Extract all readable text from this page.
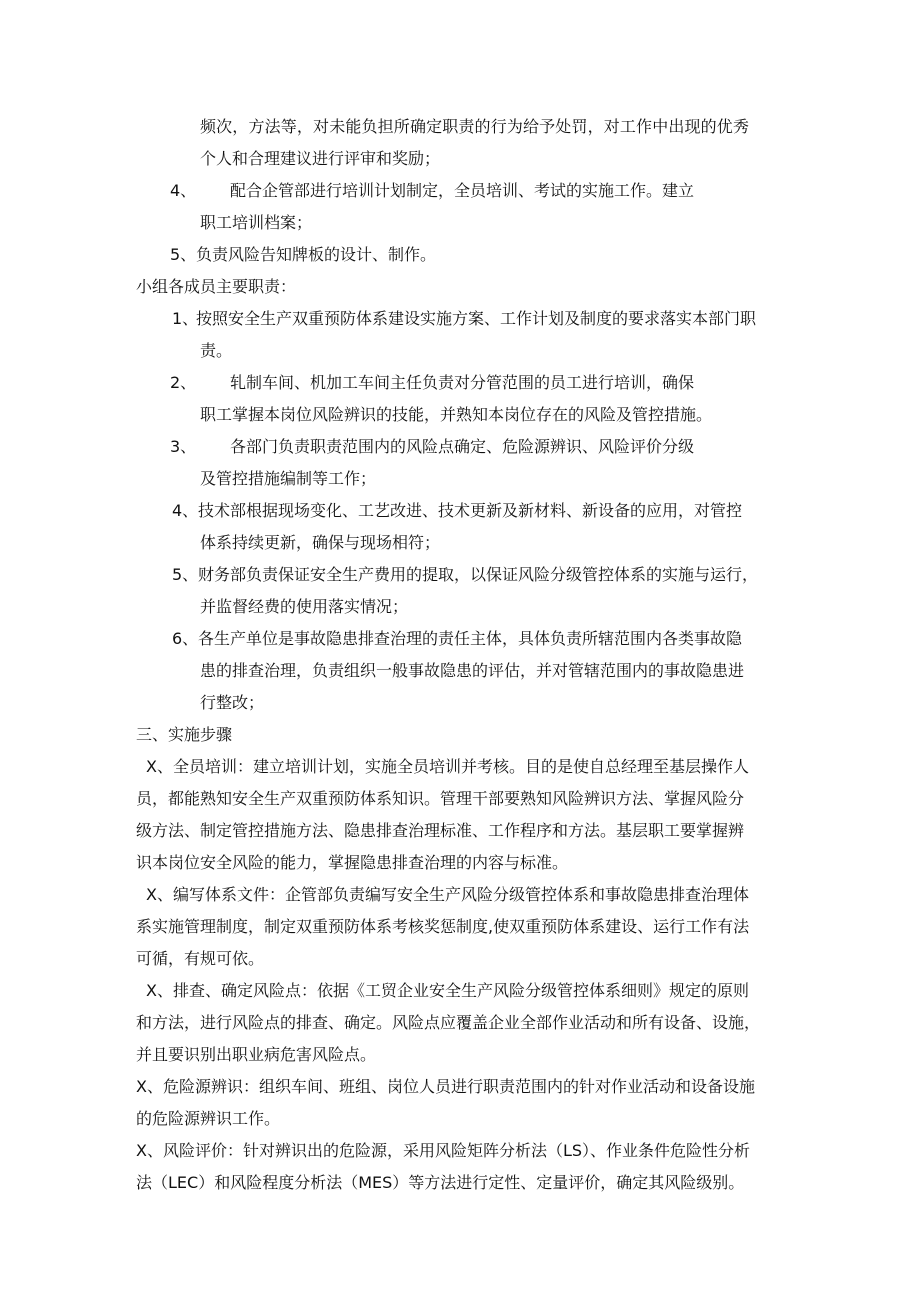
频次，方法等，对未能负担所确定职责的行为给予处罚，对工作中出现的优秀

个人和合理建议进行评审和奖励；

4、 配合企管部进行培训计划制定，全员培训、考试的实施工作。建立

职工培训档案；

5、 负责风险告知牌板的设计、制作。

小组各成员主要职责：

1、

按照安全生产双重预防体系建设实施方案、工作计划及制度的要求落实本部门职

责。

2、 轧制车间、机加工车间主任负责对分管范围的员工进行培训，确保

职工掌握本岗位风险辨识的技能，并熟知本岗位存在的风险及管控措施。

3、 各部门负责职责范围内的风险点确定、危险源辨识、风险评价分级

及管控措施编制等工作；

4、 技术部根据现场变化、工艺改进、技术更新及新材料、新设备的应用，对管控

体系持续更新，确保与现场相符；

5、 财务部负责保证安全生产费用的提取，以保证风险分级管控体系的实施与运行，

并监督经费的使用落实情况；

6、 各生产单位是事故隐患排查治理的责任主体，具体负责所辖范围内各类事故隐

患的排查治理，负责组织一般事故隐患的评估，并对管辖范围内的事故隐患进

行整改；

三、实施步骤

X、全员培训：建立培训计划，实施全员培训并考核。目的是使自总经理至基层操作人

员，都能熟知安全生产双重预防体系知识。管理干部要熟知风险辨识方法、掌握风险分

级方法、制定管控措施方法、隐患排查治理标准、工作程序和方法。基层职工要掌握辨

识本岗位安全风险的能力，掌握隐患排查治理的内容与标准。

X、编写体系文件：企管部负责编写安全生产风险分级管控体系和事故隐患排查治理体

系实施管理制度，制定双重预防体系考核奖惩制度,使双重预防体系建设、运行工作有法

可循，有规可依。

X、排查、确定风险点：依据《工贸企业安全生产风险分级管控体系细则》规定的原则

和方法，进行风险点的排查、确定。风险点应覆盖企业全部作业活动和所有设备、设施，

并且要识别出职业病危害风险点。

X、危险源辨识：组织车间、班组、岗位人员进行职责范围内的针对作业活动和设备设施

的危险源辨识工作。

X、风险评价：针对辨识出的危险源，采用风险矩阵分析法（LS）、作业条件危险性分析

法（LEC）和风险程度分析法（MES）等方法进行定性、定量评价，确定其风险级别。
